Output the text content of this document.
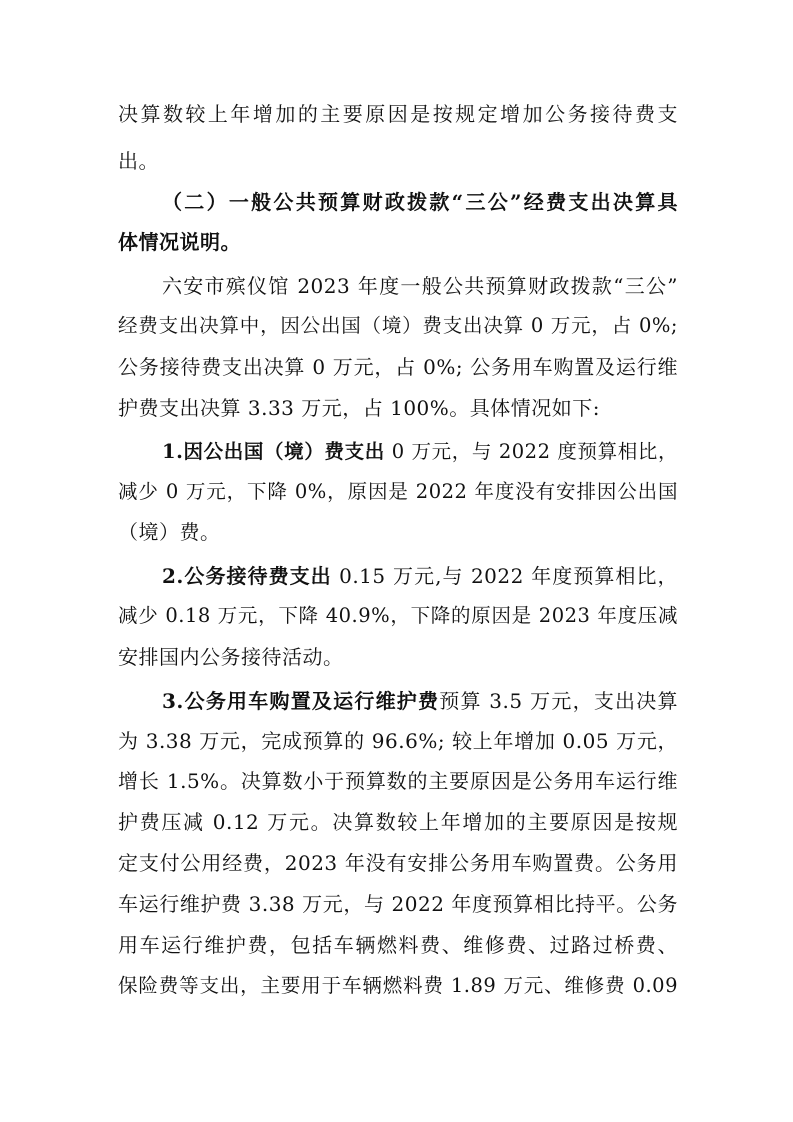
决算数较上年增加的主要原因是按规定增加公务接待费支
出。
（二）一般公共预算财政拨款“三公”经费支出决算具
体情况说明。
六安市殡仪馆 2023 年度一般公共预算财政拨款“三公”
经费支出决算中，因公出国（境）费支出决算 0 万元，占 0%;
公务接待费支出决算 0 万元，占 0%; 公务用车购置及运行维
护费支出决算 3.33 万元，占 100%。具体情况如下:
1.因公出国（境）费支出 0 万元，与 2022 度预算相比，
减少 0 万元，下降 0%，原因是 2022 年度没有安排因公出国
（境）费。
2.公务接待费支出 0.15 万元,与 2022 年度预算相比，
减少 0.18 万元，下降 40.9%，下降的原因是 2023 年度压减
安排国内公务接待活动。
3.公务用车购置及运行维护费预算 3.5 万元，支出决算
为 3.38 万元，完成预算的 96.6%; 较上年增加 0.05 万元，
增长 1.5%。决算数小于预算数的主要原因是公务用车运行维
护费压减 0.12 万元。决算数较上年增加的主要原因是按规
定支付公用经费，2023 年没有安排公务用车购置费。公务用
车运行维护费 3.38 万元，与 2022 年度预算相比持平。公务
用车运行维护费，包括车辆燃料费、维修费、过路过桥费、
保险费等支出，主要用于车辆燃料费 1.89 万元、维修费 0.09
